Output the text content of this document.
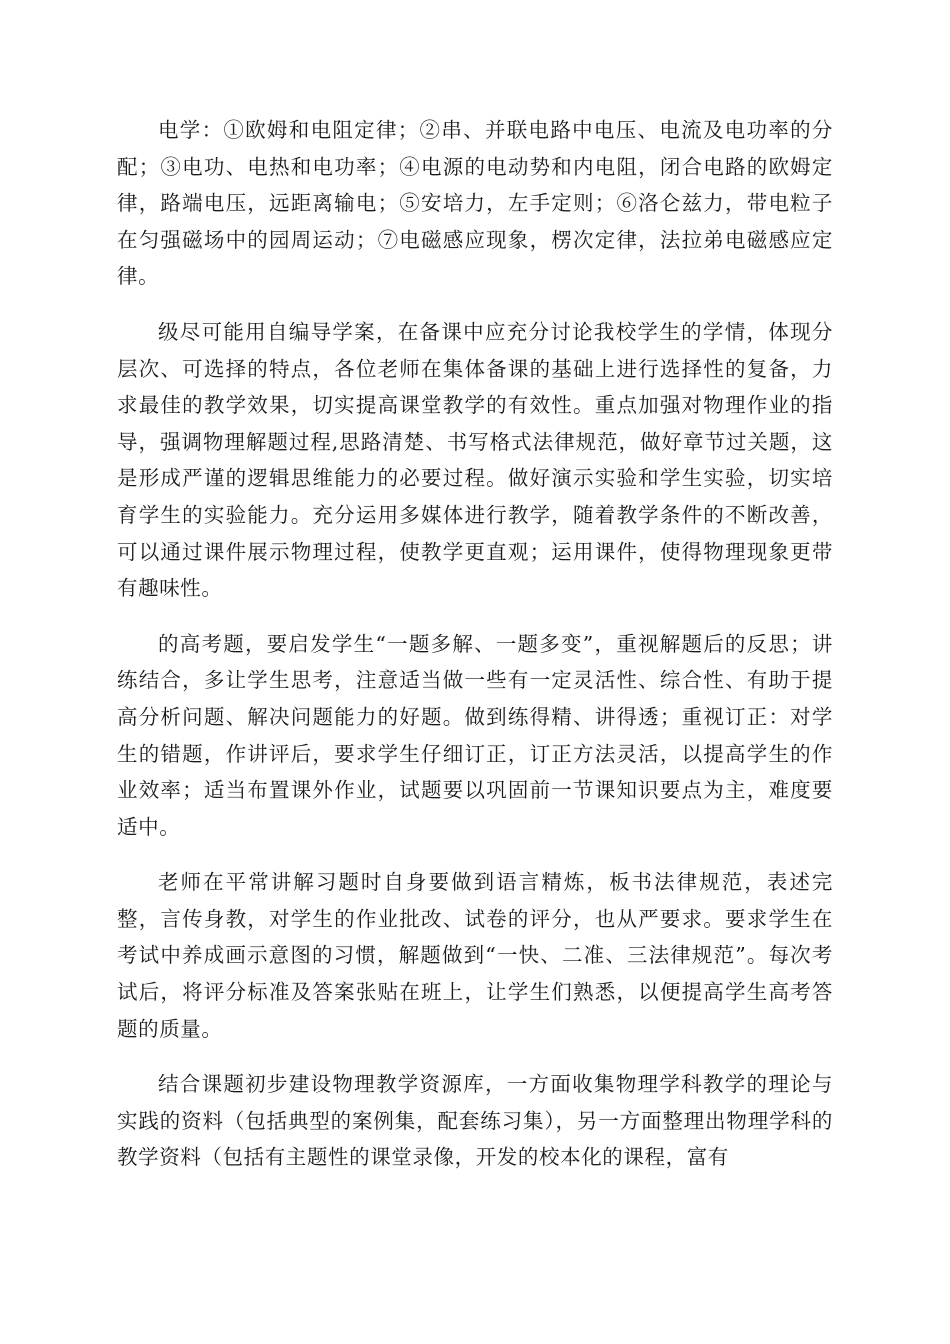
电学：①欧姆和电阻定律；②串、并联电路中电压、电流及电功率的分配；③电功、电热和电功率；④电源的电动势和内电阻，闭合电路的欧姆定律，路端电压，远距离输电；⑤安培力，左手定则；⑥洛仑兹力，带电粒子在匀强磁场中的园周运动；⑦电磁感应现象，楞次定律，法拉弟电磁感应定律。

级尽可能用自编导学案，在备课中应充分讨论我校学生的学情，体现分层次、可选择的特点，各位老师在集体备课的基础上进行选择性的复备，力求最佳的教学效果，切实提高课堂教学的有效性。重点加强对物理作业的指导，强调物理解题过程,思路清楚、书写格式法律规范，做好章节过关题，这是形成严谨的逻辑思维能力的必要过程。做好演示实验和学生实验，切实培育学生的实验能力。充分运用多媒体进行教学，随着教学条件的不断改善，可以通过课件展示物理过程，使教学更直观；运用课件，使得物理现象更带有趣味性。

的高考题，要启发学生“一题多解、一题多变”，重视解题后的反思；讲练结合，多让学生思考，注意适当做一些有一定灵活性、综合性、有助于提高分析问题、解决问题能力的好题。做到练得精、讲得透；重视订正：对学生的错题，作讲评后，要求学生仔细订正，订正方法灵活，以提高学生的作业效率；适当布置课外作业，试题要以巩固前一节课知识要点为主，难度要适中。

老师在平常讲解习题时自身要做到语言精炼，板书法律规范，表述完整，言传身教，对学生的作业批改、试卷的评分，也从严要求。要求学生在考试中养成画示意图的习惯，解题做到“一快、二准、三法律规范”。每次考试后，将评分标准及答案张贴在班上，让学生们熟悉，以便提高学生高考答题的质量。

结合课题初步建设物理教学资源库，一方面收集物理学科教学的理论与实践的资料（包括典型的案例集，配套练习集），另一方面整理出物理学科的教学资料（包括有主题性的课堂录像，开发的校本化的课程，富有
